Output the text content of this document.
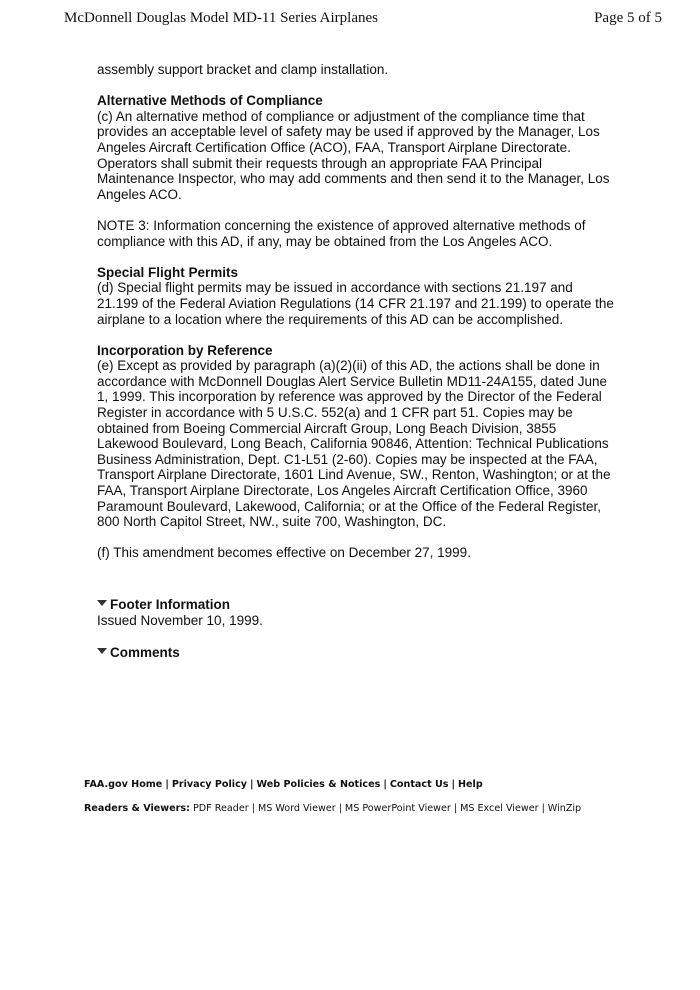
McDonnell Douglas Model MD-11 Series Airplanes	Page 5 of 5

assembly support bracket and clamp installation.

Alternative Methods of Compliance

(c) An alternative method of compliance or adjustment of the compliance time that provides an acceptable level of safety may be used if approved by the Manager, Los Angeles Aircraft Certification Office (ACO), FAA, Transport Airplane Directorate. Operators shall submit their requests through an appropriate FAA Principal Maintenance Inspector, who may add comments and then send it to the Manager, Los Angeles ACO.

NOTE 3: Information concerning the existence of approved alternative methods of compliance with this AD, if any, may be obtained from the Los Angeles ACO.

Special Flight Permits

(d) Special flight permits may be issued in accordance with sections 21.197 and 21.199 of the Federal Aviation Regulations (14 CFR 21.197 and 21.199) to operate the airplane to a location where the requirements of this AD can be accomplished.

Incorporation by Reference

(e) Except as provided by paragraph (a)(2)(ii) of this AD, the actions shall be done in accordance with McDonnell Douglas Alert Service Bulletin MD11-24A155, dated June 1, 1999. This incorporation by reference was approved by the Director of the Federal Register in accordance with 5 U.S.C. 552(a) and 1 CFR part 51. Copies may be obtained from Boeing Commercial Aircraft Group, Long Beach Division, 3855 Lakewood Boulevard, Long Beach, California 90846, Attention: Technical Publications Business Administration, Dept. C1-L51 (2-60). Copies may be inspected at the FAA, Transport Airplane Directorate, 1601 Lind Avenue, SW., Renton, Washington; or at the FAA, Transport Airplane Directorate, Los Angeles Aircraft Certification Office, 3960 Paramount Boulevard, Lakewood, California; or at the Office of the Federal Register, 800 North Capitol Street, NW., suite 700, Washington, DC.

(f) This amendment becomes effective on December 27, 1999.

Footer Information

Issued November 10, 1999.

Comments
FAA.gov Home | Privacy Policy | Web Policies & Notices | Contact Us | Help
Readers & Viewers: PDF Reader | MS Word Viewer | MS PowerPoint Viewer | MS Excel Viewer | WinZip
